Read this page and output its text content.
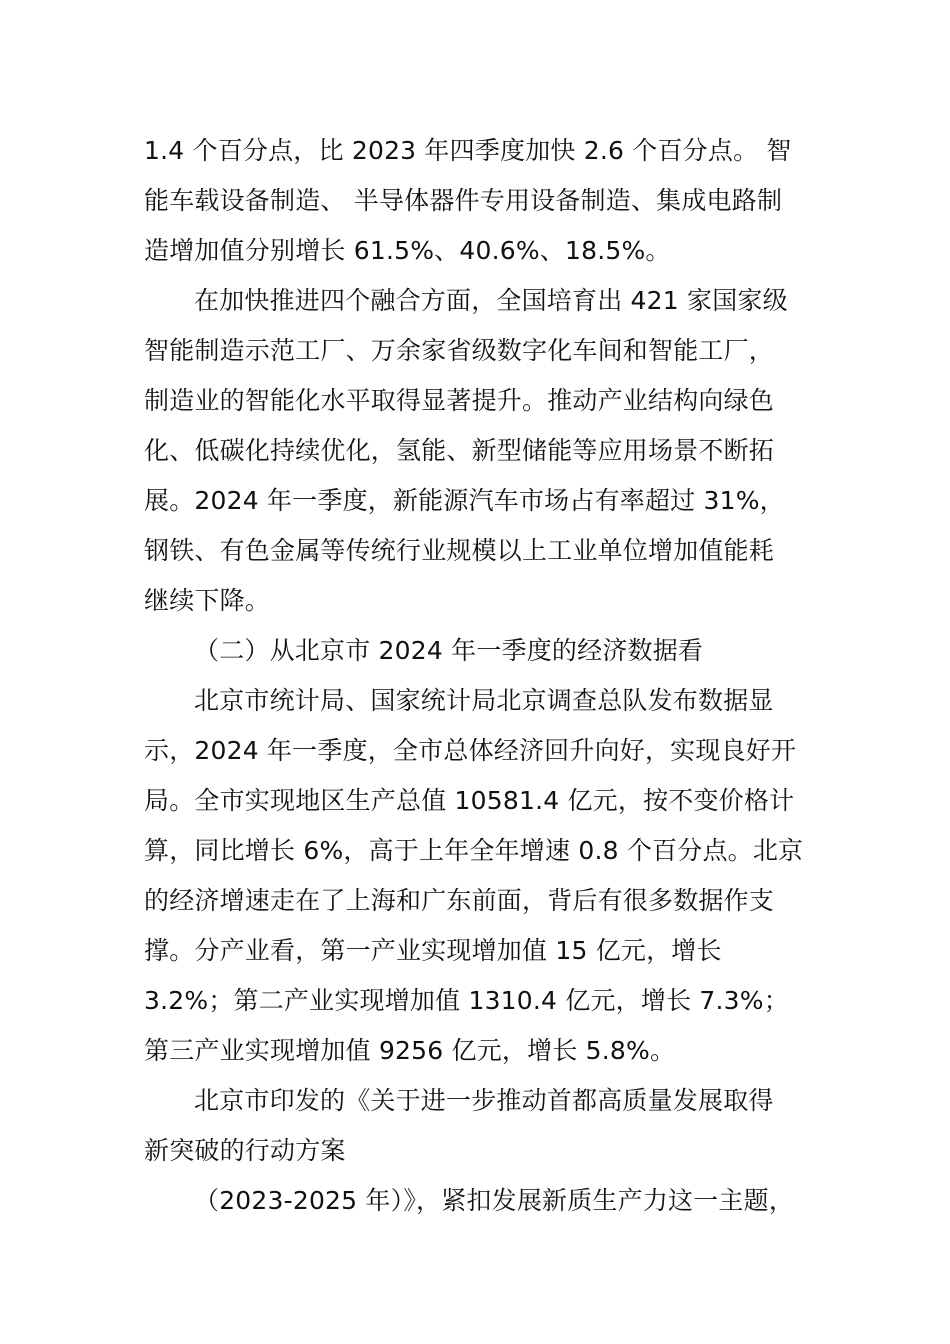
1.4 个百分点，比 2023 年四季度加快 2.6 个百分点。 智
能车载设备制造、 半导体器件专用设备制造、集成电路制
造增加值分别增长 61.5%、40.6%、18.5%。
在加快推进四个融合方面，全国培育出 421 家国家级
智能制造示范工厂、万余家省级数字化车间和智能工厂，
制造业的智能化水平取得显著提升。推动产业结构向绿色
化、低碳化持续优化，氢能、新型储能等应用场景不断拓
展。2024 年一季度，新能源汽车市场占有率超过 31%，
钢铁、有色金属等传统行业规模以上工业单位增加值能耗
继续下降。
（二）从北京市 2024 年一季度的经济数据看
北京市统计局、国家统计局北京调查总队发布数据显
示，2024 年一季度，全市总体经济回升向好，实现良好开
局。全市实现地区生产总值 10581.4 亿元，按不变价格计
算，同比增长 6%，高于上年全年增速 0.8 个百分点。北京
的经济增速走在了上海和广东前面，背后有很多数据作支
撑。分产业看，第一产业实现增加值 15 亿元，增长
3.2%；第二产业实现增加值 1310.4 亿元，增长 7.3%；
第三产业实现增加值 9256 亿元，增长 5.8%。
北京市印发的《关于进一步推动首都高质量发展取得
新突破的行动方案
（2023-2025 年）》，紧扣发展新质生产力这一主题，
